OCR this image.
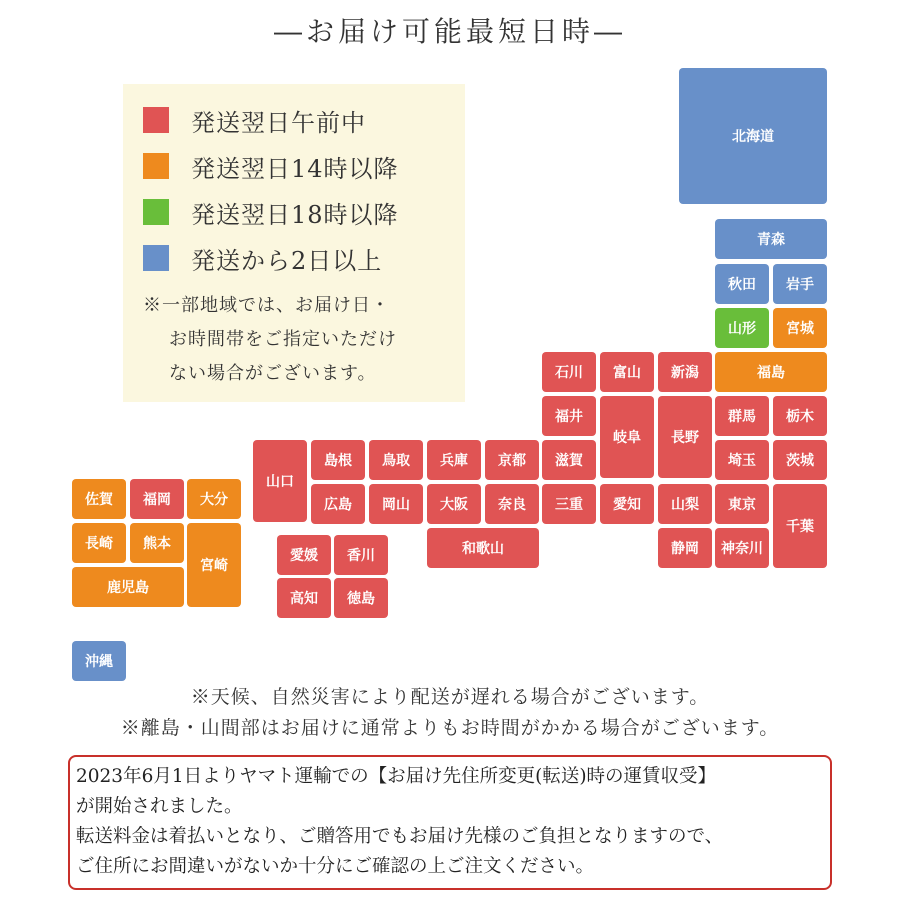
―お届け可能最短日時―
発送翌日午前中
発送翌日14時以降
発送翌日18時以降
発送から2日以上
※一部地域では、お届け日・
お時間帯をご指定いただけ
ない場合がございます。
北海道
青森
秋田	岩手
山形	宮城
福島
石川	富山	新潟
福井
岐阜	長野
群馬	栃木
埼玉	茨城
山口
島根	鳥取	兵庫	京都	滋賀
広島	岡山	大阪	奈良	三重	愛知	山梨	東京
千葉
静岡	神奈川
和歌山
愛媛	香川
高知	徳島
佐賀	福岡	大分
長崎	熊本
宮崎
鹿児島
沖縄
※天候、自然災害により配送が遅れる場合がございます。
※離島・山間部はお届けに通常よりもお時間がかかる場合がございます。
2023年6月1日よりヤマト運輸での【お届け先住所変更(転送)時の運賃収受】
が開始されました。
転送料金は着払いとなり、ご贈答用でもお届け先様のご負担となりますので、
ご住所にお間違いがないか十分にご確認の上ご注文ください。
